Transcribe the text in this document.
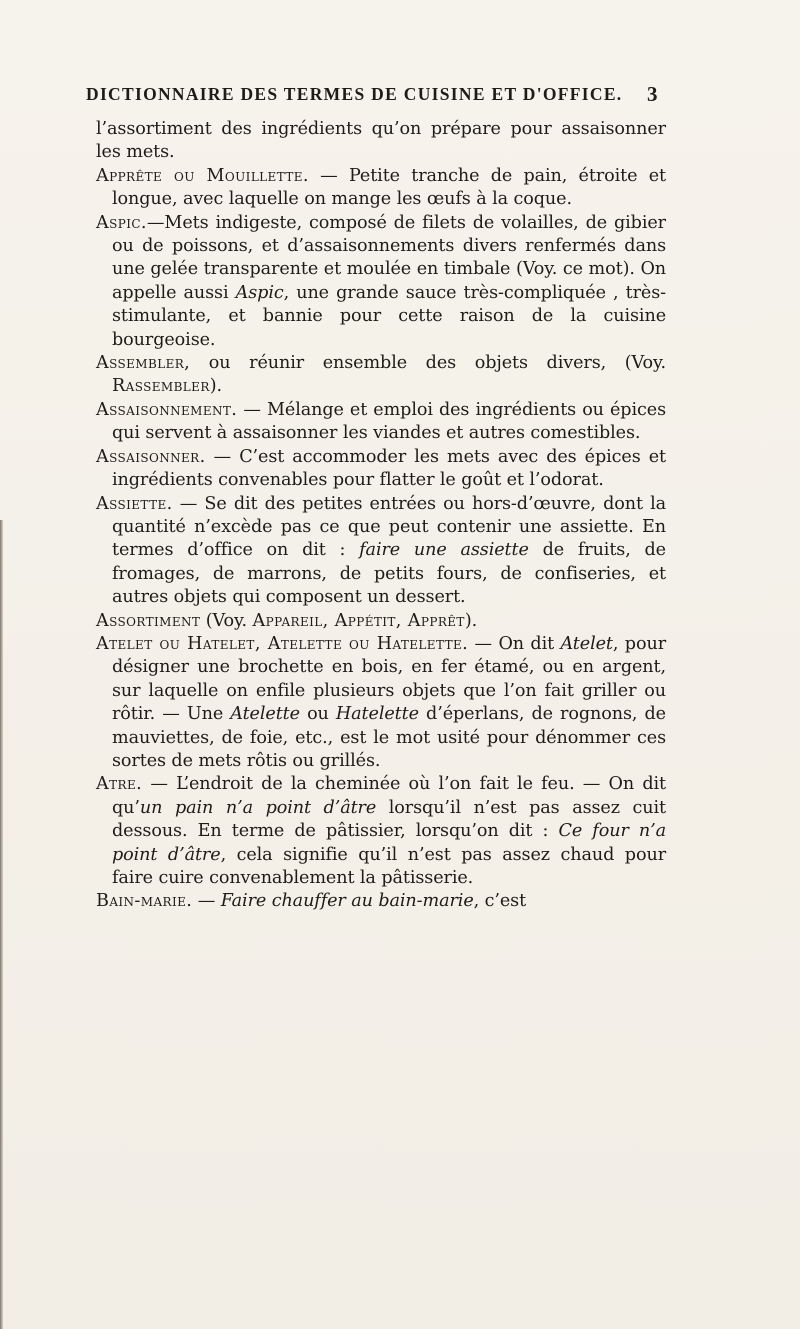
DICTIONNAIRE DES TERMES DE CUISINE ET D'OFFICE.	3

l’assortiment des ingrédients qu’on prépare pour assaisonner les mets.

Apprête ou Mouillette. — Petite tranche de pain, étroite et longue, avec laquelle on mange les œufs à la coque.

Aspic.—Mets indigeste, composé de filets de volailles, de gibier ou de poissons, et d’assaisonnements divers renfermés dans une gelée transparente et moulée en timbale (Voy. ce mot). On appelle aussi Aspic, une grande sauce très-compliquée , très-stimulante, et bannie pour cette raison de la cuisine bourgeoise.

Assembler, ou réunir ensemble des objets divers, (Voy. Rassembler).

Assaisonnement. — Mélange et emploi des ingrédients ou épices qui servent à assaisonner les viandes et autres comestibles.

Assaisonner. — C’est accommoder les mets avec des épices et ingrédients convenables pour flatter le goût et l’odorat.

Assiette. — Se dit des petites entrées ou hors-d’œuvre, dont la quantité n’excède pas ce que peut contenir une assiette. En termes d’office on dit : faire une assiette de fruits, de fromages, de marrons, de petits fours, de confiseries, et autres objets qui composent un dessert.

Assortiment (Voy. Appareil, Appétit, Apprêt).

Atelet ou Hatelet, Atelette ou Hatelette. — On dit Atelet, pour désigner une brochette en bois, en fer étamé, ou en argent, sur laquelle on enfile plusieurs objets que l’on fait griller ou rôtir. — Une Atelette ou Hatelette d’éperlans, de rognons, de mauviettes, de foie, etc., est le mot usité pour dénommer ces sortes de mets rôtis ou grillés.

Atre. — L’endroit de la cheminée où l’on fait le feu. — On dit qu’un pain n’a point d’âtre lorsqu’il n’est pas assez cuit dessous. En terme de pâtissier, lorsqu’on dit : Ce four n’a point d’âtre, cela signifie qu’il n’est pas assez chaud pour faire cuire convenablement la pâtisserie.

Bain-marie. — Faire chauffer au bain-marie, c’est
